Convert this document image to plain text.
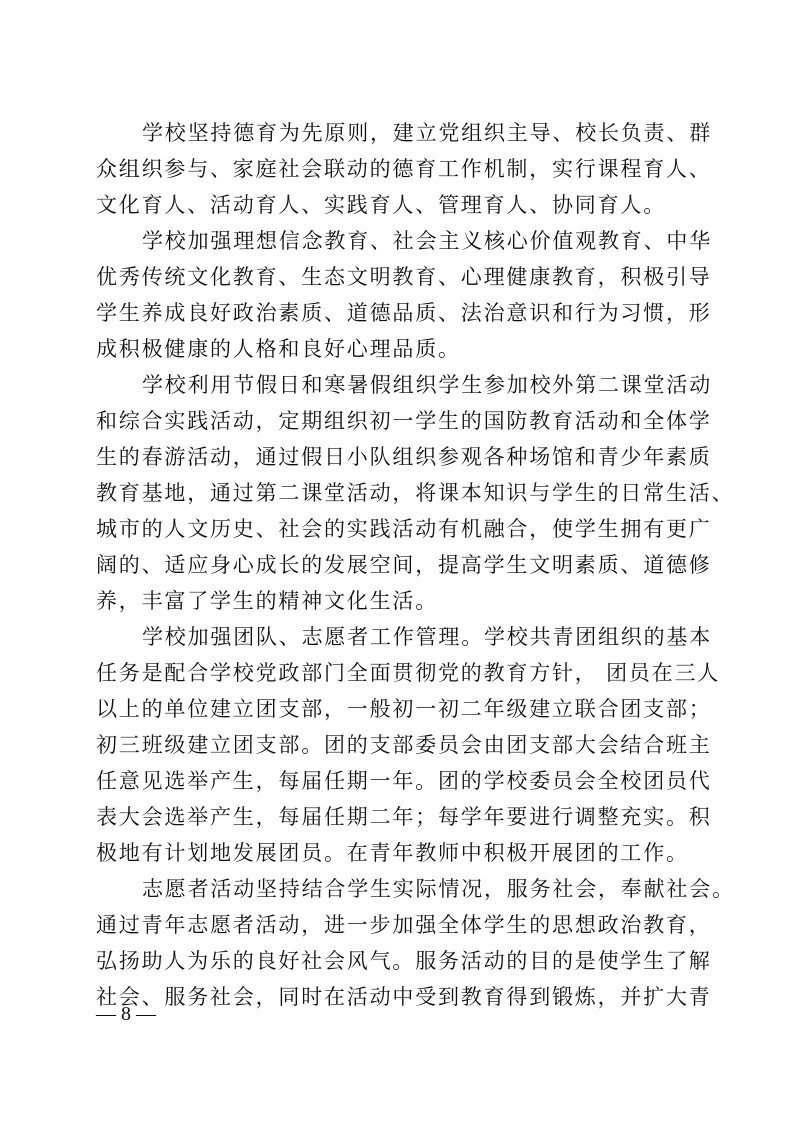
学校坚持德育为先原则，建立党组织主导、校长负责、群
众组织参与、家庭社会联动的德育工作机制，实行课程育人、
文化育人、活动育人、实践育人、管理育人、协同育人。
学校加强理想信念教育、社会主义核心价值观教育、中华
优秀传统文化教育、生态文明教育、心理健康教育，积极引导
学生养成良好政治素质、道德品质、法治意识和行为习惯，形
成积极健康的人格和良好心理品质。
学校利用节假日和寒暑假组织学生参加校外第二课堂活动
和综合实践活动，定期组织初一学生的国防教育活动和全体学
生的春游活动，通过假日小队组织参观各种场馆和青少年素质
教育基地，通过第二课堂活动，将课本知识与学生的日常生活、
城市的人文历史、社会的实践活动有机融合，使学生拥有更广
阔的、适应身心成长的发展空间，提高学生文明素质、道德修
养，丰富了学生的精神文化生活。
学校加强团队、志愿者工作管理。学校共青团组织的基本
任务是配合学校党政部门全面贯彻党的教育方针， 团员在三人
以上的单位建立团支部，一般初一初二年级建立联合团支部；
初三班级建立团支部。团的支部委员会由团支部大会结合班主
任意见选举产生，每届任期一年。团的学校委员会全校团员代
表大会选举产生，每届任期二年；每学年要进行调整充实。积
极地有计划地发展团员。在青年教师中积极开展团的工作。
志愿者活动坚持结合学生实际情况，服务社会，奉献社会。
通过青年志愿者活动，进一步加强全体学生的思想政治教育，
弘扬助人为乐的良好社会风气。服务活动的目的是使学生了解
社会、服务社会，同时在活动中受到教育得到锻炼，并扩大青
— 8 —
